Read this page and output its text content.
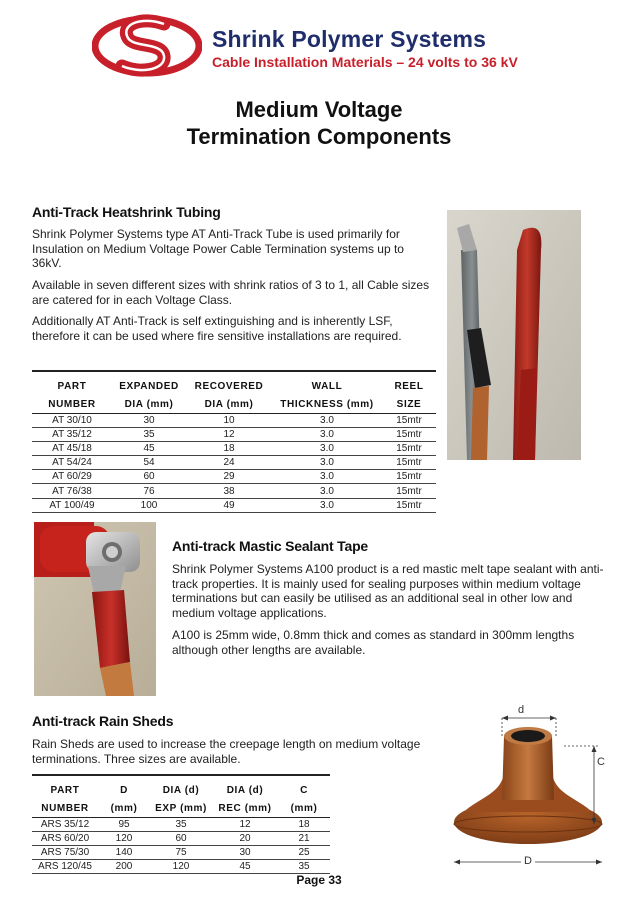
Shrink Polymer Systems
Cable Installation Materials – 24 volts to 36 kV
Medium Voltage
Termination Components
Anti-Track Heatshrink Tubing
Shrink Polymer Systems type AT Anti-Track Tube is used primarily for Insulation on Medium Voltage Power Cable Termination systems up to 36kV.
Available in seven different sizes with shrink ratios of 3 to 1, all Cable sizes are catered for in each Voltage Class.
Additionally AT Anti-Track is self extinguishing and is inherently LSF, therefore it can be used where fire sensitive installations are required.
PART	EXPANDED	RECOVERED	WALL	REEL
NUMBER	DIA (mm)	DIA (mm)	THICKNESS (mm)	SIZE
AT 30/10	30	10	3.0	15mtr
AT 35/12	35	12	3.0	15mtr
AT 45/18	45	18	3.0	15mtr
AT 54/24	54	24	3.0	15mtr
AT 60/29	60	29	3.0	15mtr
AT 76/38	76	38	3.0	15mtr
AT 100/49	100	49	3.0	15mtr
Anti-track Mastic Sealant Tape
Shrink Polymer Systems A100 product is a red mastic melt tape sealant with anti-track properties. It is mainly used for sealing purposes within medium voltage terminations but can easily be utilised as an additional seal in other low and medium voltage applications.
A100 is 25mm wide, 0.8mm thick and comes as standard in 300mm lengths although other lengths are available.
Anti-track Rain Sheds
Rain Sheds are used to increase the creepage length on medium voltage terminations. Three sizes are available.
PART	D	DIA (d)	DIA (d)	C
NUMBER	(mm)	EXP (mm)	REC (mm)	(mm)
ARS 35/12	95	35	12	18
ARS 60/20	120	60	20	21
ARS 75/30	140	75	30	25
ARS 120/45	200	120	45	35
d
C
D
Page 33
